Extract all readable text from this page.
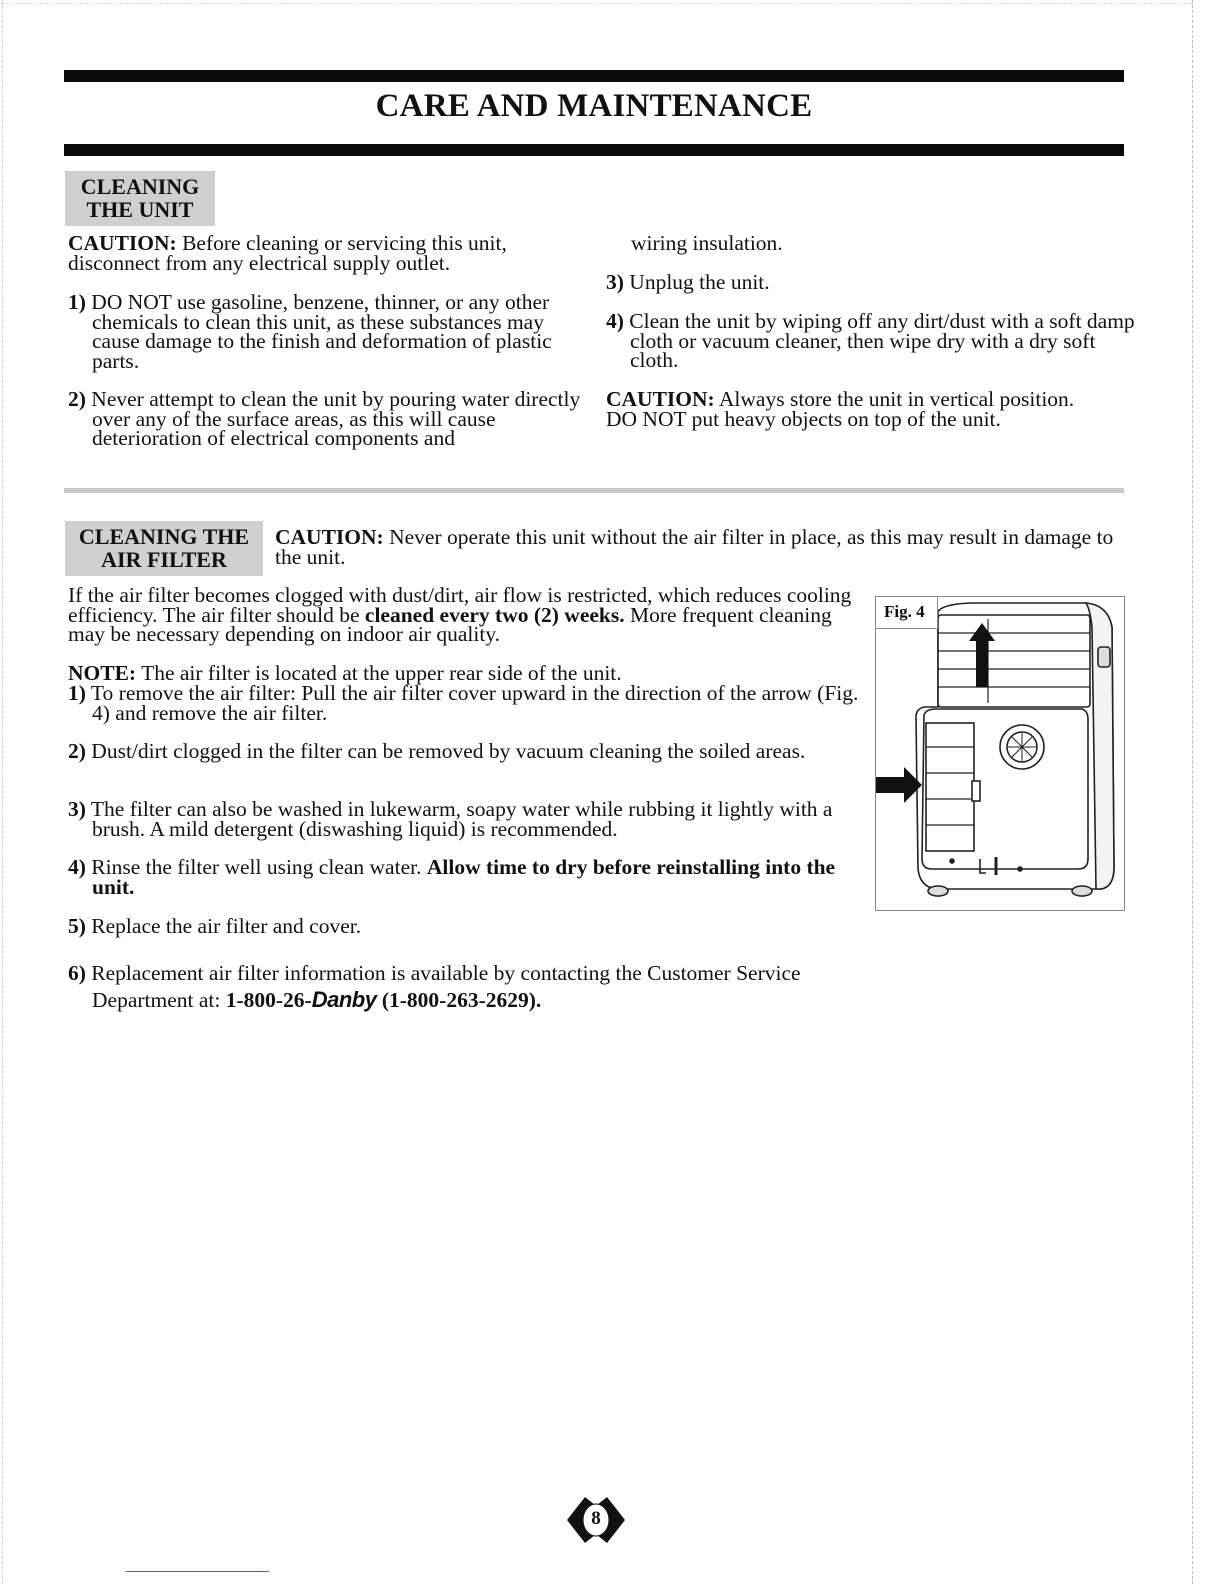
CARE AND MAINTENANCE
CLEANING
THE UNIT
CAUTION: Before cleaning or servicing this unit, disconnect from any electrical supply outlet.
1) DO NOT use gasoline, benzene, thinner, or any other chemicals to clean this unit, as these substances may cause damage to the finish and deformation of plastic parts.
2) Never attempt to clean the unit by pouring water directly over any of the surface areas, as this will cause deterioration of electrical components and
wiring insulation.
3) Unplug the unit.
4) Clean the unit by wiping off any dirt/dust with a soft damp cloth or vacuum cleaner, then wipe dry with a dry soft cloth.
CAUTION: Always store the unit in vertical position. DO NOT put heavy objects on top of the unit.
CLEANING THE
AIR FILTER
CAUTION: Never operate this unit without the air filter in place, as this may result in damage to the unit.
If the air filter becomes clogged with dust/dirt, air flow is restricted, which reduces cooling efficiency. The air filter should be cleaned every two (2) weeks. More frequent cleaning may be necessary depending on indoor air quality.
NOTE: The air filter is located at the upper rear side of the unit.
1) To remove the air filter: Pull the air filter cover upward in the direction of the arrow (Fig. 4) and remove the air filter.
2) Dust/dirt clogged in the filter can be removed by vacuum cleaning the soiled areas.
3) The filter can also be washed in lukewarm, soapy water while rubbing it lightly with a brush. A mild detergent (diswashing liquid) is recommended.
4) Rinse the filter well using clean water. Allow time to dry before reinstalling into the unit.
5) Replace the air filter and cover.
6) Replacement air filter information is available by contacting the Customer Service
Department at: 1-800-26-Danby (1-800-263-2629).
Fig. 4
8
